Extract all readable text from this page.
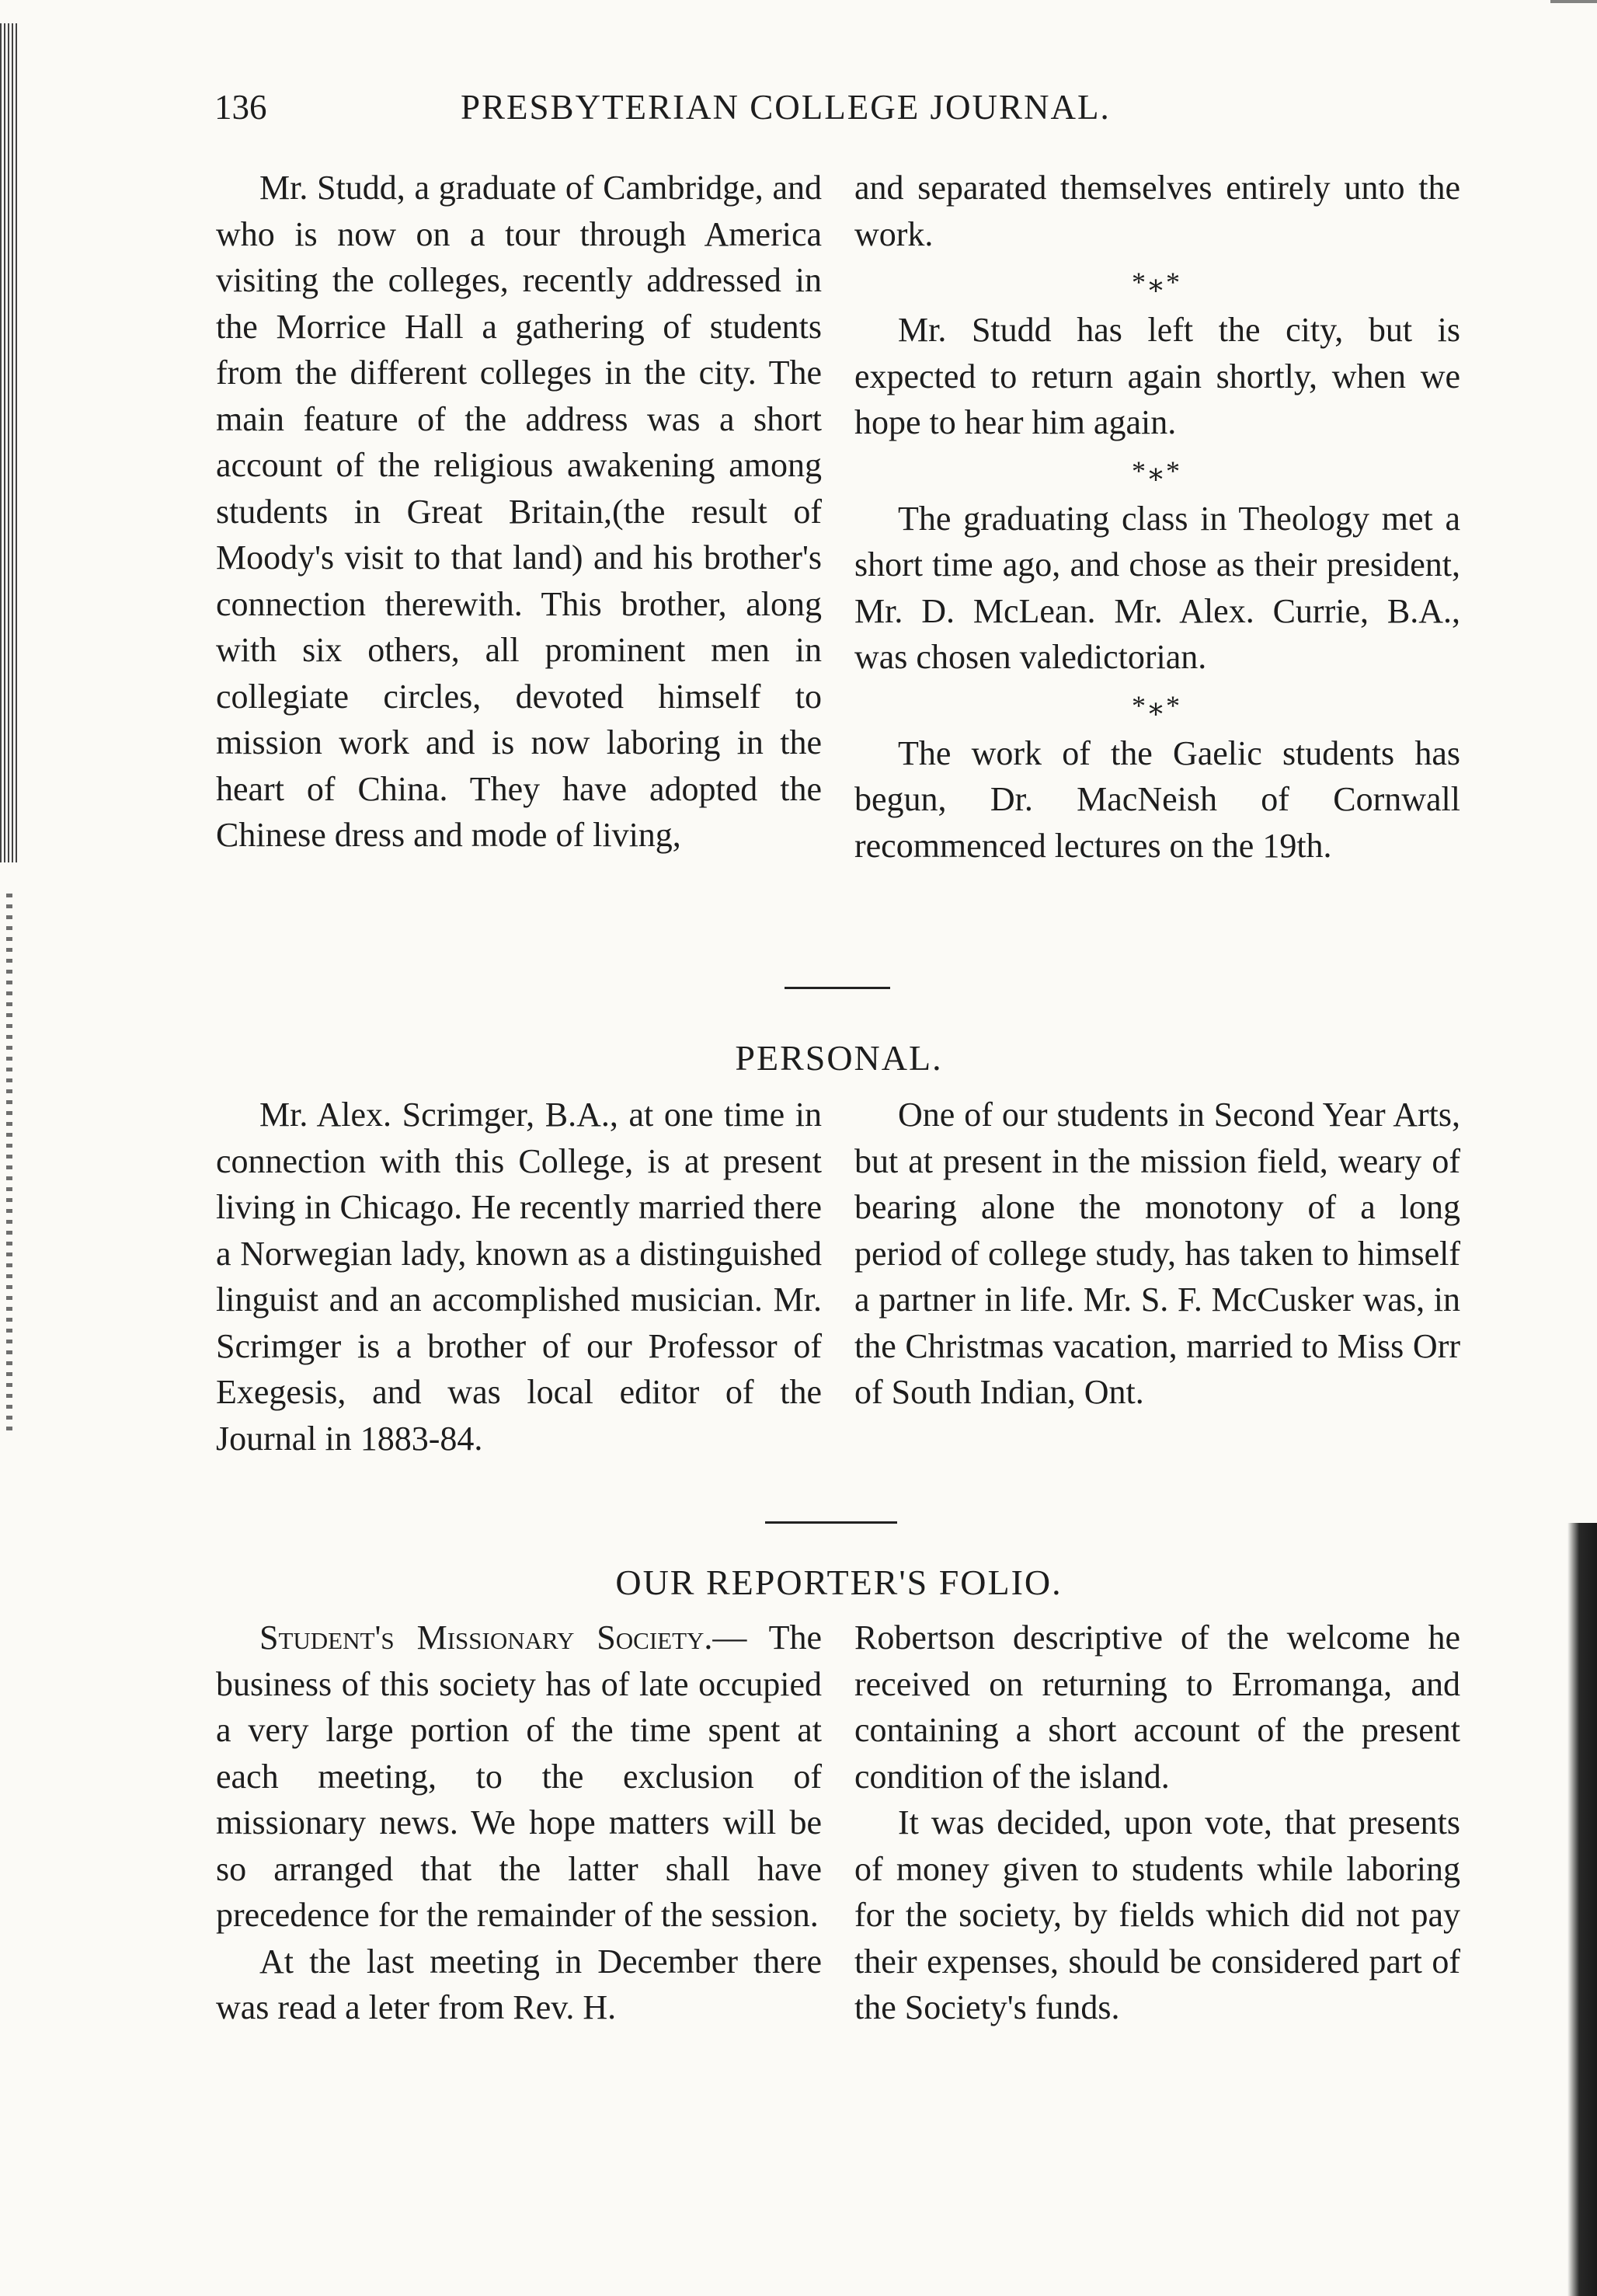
136	PRESBYTERIAN COLLEGE JOURNAL.

Mr. Studd, a graduate of Cambridge, and who is now on a tour through America visiting the colleges, recently addressed in the Morrice Hall a gathering of students from the different colleges in the city. The main feature of the address was a short account of the religious awakening among students in Great Britain,(the result of Moody's visit to that land) and his brother's connection therewith. This brother, along with six others, all prominent men in collegiate circles, devoted himself to mission work and is now laboring in the heart of China. They have adopted the Chinese dress and mode of living,

and separated themselves entirely unto the work.

*⁎*

Mr. Studd has left the city, but is expected to return again shortly, when we hope to hear him again.

*⁎*

The graduating class in Theology met a short time ago, and chose as their president, Mr. D. McLean. Mr. Alex. Currie, B.A., was chosen valedictorian.

*⁎*

The work of the Gaelic students has begun, Dr. MacNeish of Cornwall recommenced lectures on the 19th.

PERSONAL.

Mr. Alex. Scrimger, B.A., at one time in connection with this College, is at present living in Chicago. He recently married there a Norwegian lady, known as a distinguished linguist and an accomplished musician. Mr. Scrimger is a brother of our Professor of Exegesis, and was local editor of the Journal in 1883-84.

One of our students in Second Year Arts, but at present in the mission field, weary of bearing alone the monotony of a long period of college study, has taken to himself a partner in life. Mr. S. F. McCusker was, in the Christmas vacation, married to Miss Orr of South Indian, Ont.

OUR REPORTER'S FOLIO.

Student's Missionary Society.— The business of this society has of late occupied a very large portion of the time spent at each meeting, to the exclusion of missionary news. We hope matters will be so arranged that the latter shall have precedence for the remainder of the session.

At the last meeting in December there was read a leter from Rev. H.

Robertson descriptive of the welcome he received on returning to Erromanga, and containing a short account of the present condition of the island.

It was decided, upon vote, that presents of money given to students while laboring for the society, by fields which did not pay their expenses, should be considered part of the Society's funds.
